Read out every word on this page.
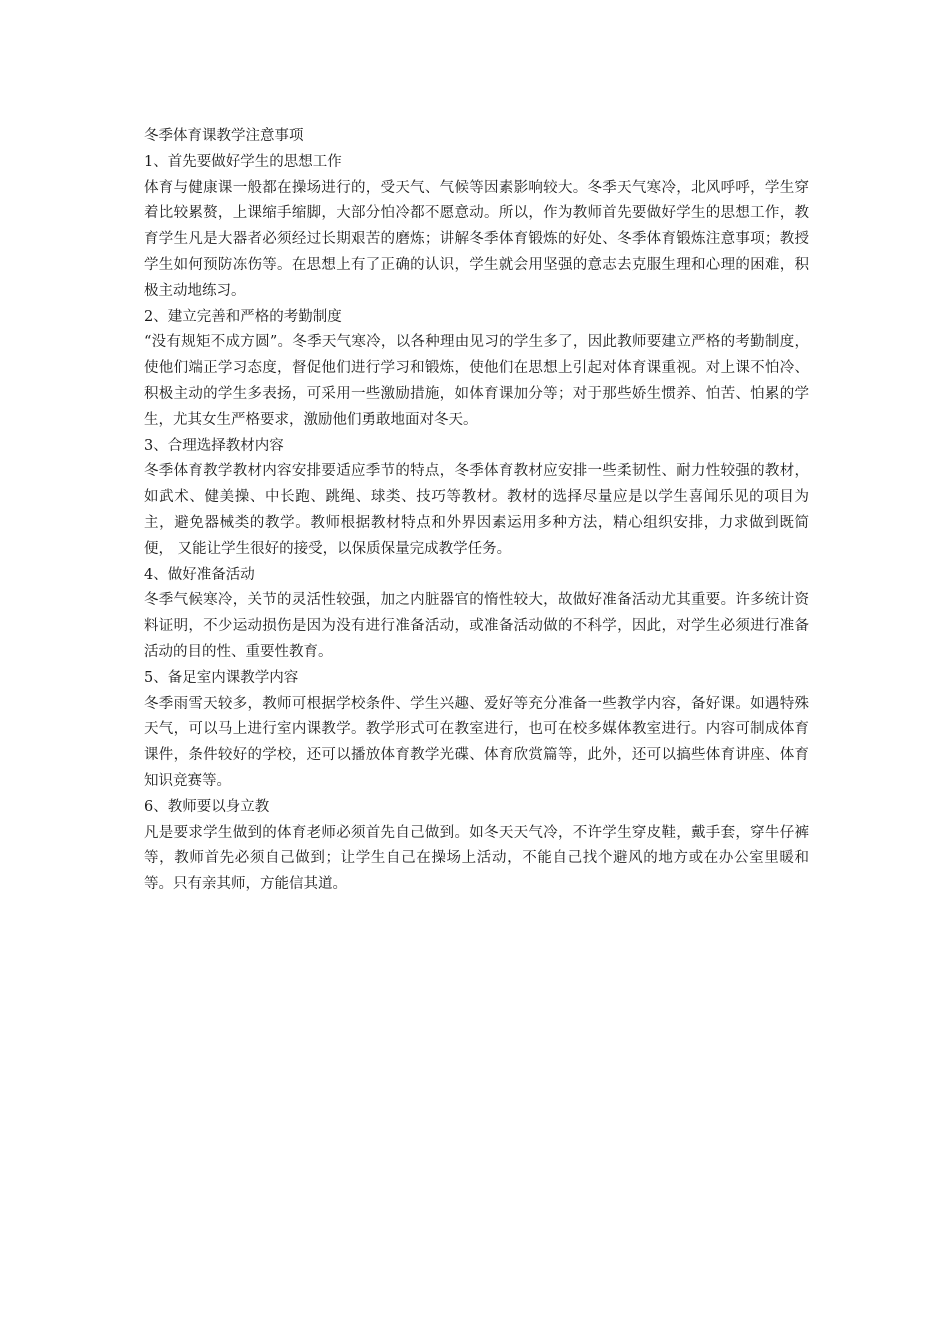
冬季体育课教学注意事项
1、首先要做好学生的思想工作
体育与健康课一般都在操场进行的，受天气、气候等因素影响较大。冬季天气寒冷，北风呼呼，学生穿着比较累赘，上课缩手缩脚，大部分怕冷都不愿意动。所以，作为教师首先要做好学生的思想工作，教育学生凡是大器者必须经过长期艰苦的磨炼；讲解冬季体育锻炼的好处、冬季体育锻炼注意事项；教授学生如何预防冻伤等。在思想上有了正确的认识，学生就会用坚强的意志去克服生理和心理的困难，积极主动地练习。
2、建立完善和严格的考勤制度
“没有规矩不成方圆”。冬季天气寒冷，以各种理由见习的学生多了，因此教师要建立严格的考勤制度，使他们端正学习态度，督促他们进行学习和锻炼，使他们在思想上引起对体育课重视。对上课不怕冷、积极主动的学生多表扬，可采用一些激励措施，如体育课加分等；对于那些娇生惯养、怕苦、怕累的学生，尤其女生严格要求，激励他们勇敢地面对冬天。
3、合理选择教材内容
冬季体育教学教材内容安排要适应季节的特点，冬季体育教材应安排一些柔韧性、耐力性较强的教材，如武术、健美操、中长跑、跳绳、球类、技巧等教材。教材的选择尽量应是以学生喜闻乐见的项目为主，避免器械类的教学。教师根据教材特点和外界因素运用多种方法，精心组织安排，力求做到既简便， 又能让学生很好的接受，以保质保量完成教学任务。
4、做好准备活动
冬季气候寒冷，关节的灵活性较强，加之内脏器官的惰性较大，故做好准备活动尤其重要。许多统计资料证明，不少运动损伤是因为没有进行准备活动，或准备活动做的不科学，因此，对学生必须进行准备活动的目的性、重要性教育。
5、备足室内课教学内容
冬季雨雪天较多，教师可根据学校条件、学生兴趣、爱好等充分准备一些教学内容，备好课。如遇特殊天气，可以马上进行室内课教学。教学形式可在教室进行，也可在校多媒体教室进行。内容可制成体育课件，条件较好的学校，还可以播放体育教学光碟、体育欣赏篇等，此外，还可以搞些体育讲座、体育知识竞赛等。
6、教师要以身立教
凡是要求学生做到的体育老师必须首先自己做到。如冬天天气冷，不许学生穿皮鞋，戴手套，穿牛仔裤等，教师首先必须自己做到；让学生自己在操场上活动，不能自己找个避风的地方或在办公室里暖和等。只有亲其师，方能信其道。
